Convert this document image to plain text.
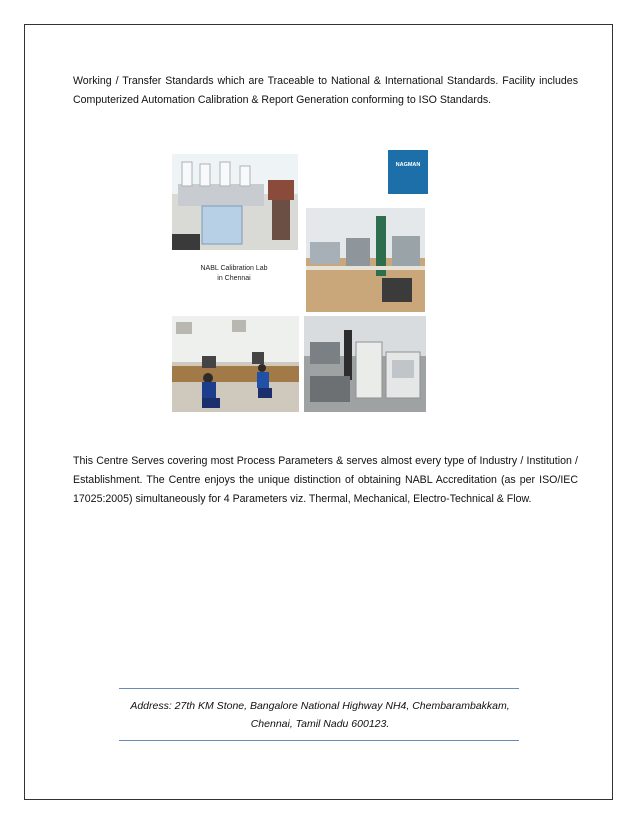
Working / Transfer Standards which are Traceable to National & International Standards. Facility includes Computerized Automation Calibration & Report Generation conforming to ISO Standards.

NAGMAN
NABL Calibration Lab
in Chennai

This Centre Serves covering most Process Parameters & serves almost every type of Industry / Institution / Establishment. The Centre enjoys the unique distinction of obtaining NABL Accreditation (as per ISO/IEC 17025:2005) simultaneously for 4 Parameters viz. Thermal, Mechanical, Electro-Technical & Flow.

Address: 27th KM Stone, Bangalore National Highway NH4, Chembarambakkam,
Chennai, Tamil Nadu 600123.
